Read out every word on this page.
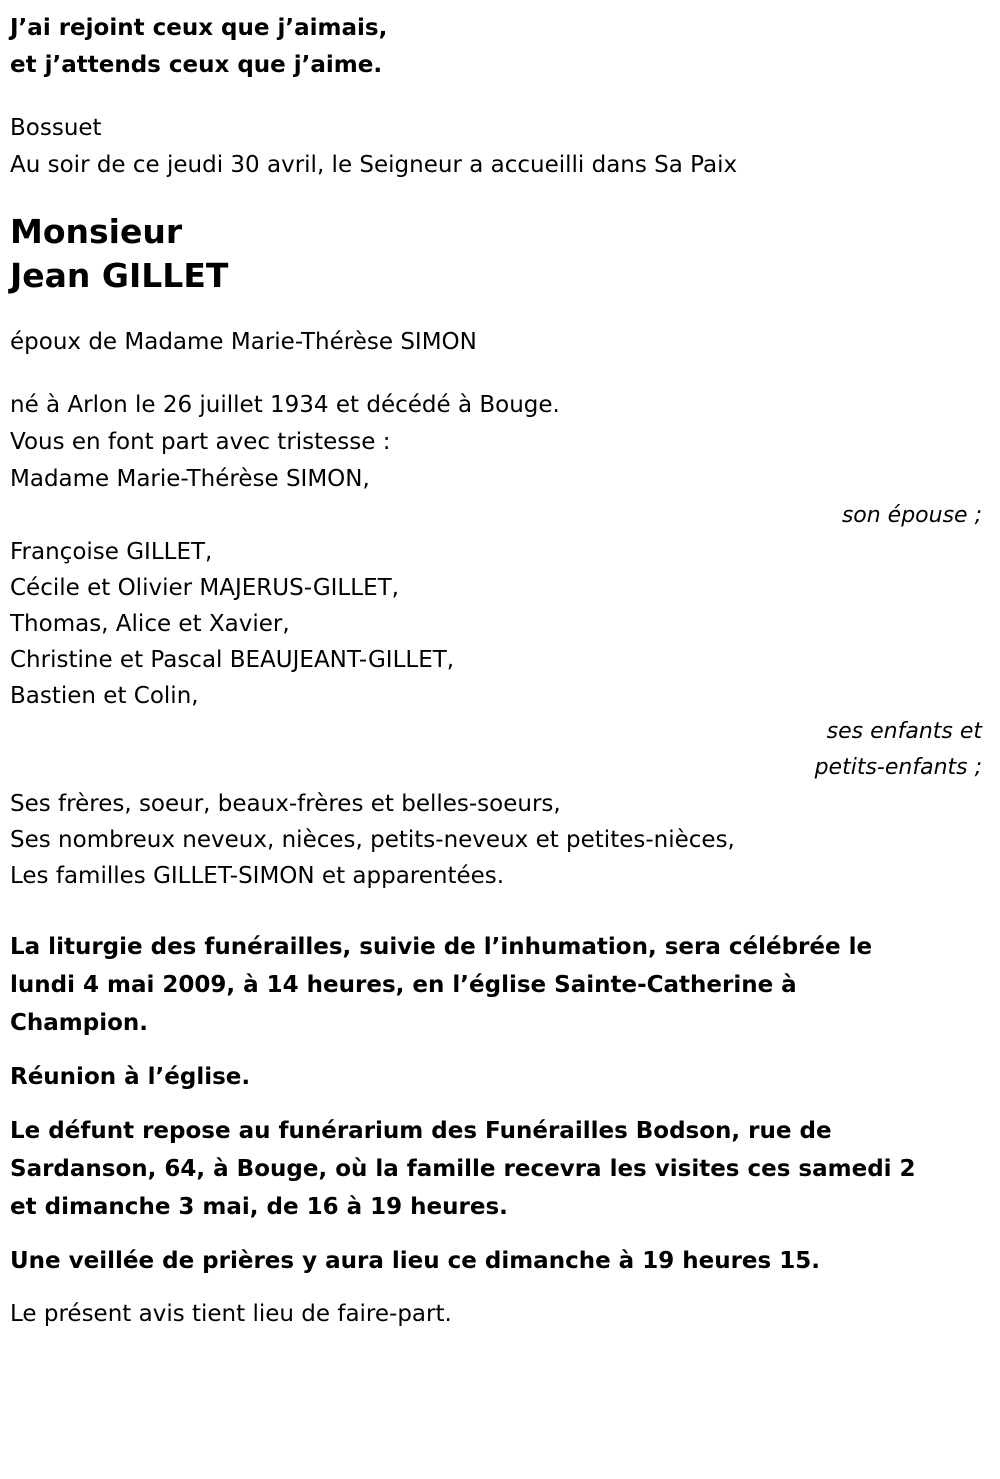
J’ai rejoint ceux que j’aimais,
et j’attends ceux que j’aime.
Bossuet
Au soir de ce jeudi 30 avril, le Seigneur a accueilli dans Sa Paix
Monsieur
Jean GILLET
époux de Madame Marie-Thérèse SIMON
né à Arlon le 26 juillet 1934 et décédé à Bouge.
Vous en font part avec tristesse :
Madame Marie-Thérèse SIMON,
son épouse ;
Françoise GILLET,
Cécile et Olivier MAJERUS-GILLET,
Thomas, Alice et Xavier,
Christine et Pascal BEAUJEANT-GILLET,
Bastien et Colin,
ses enfants et
petits-enfants ;
Ses frères, soeur, beaux-frères et belles-soeurs,
Ses nombreux neveux, nièces, petits-neveux et petites-nièces,
Les familles GILLET-SIMON et apparentées.
La liturgie des funérailles, suivie de l’inhumation, sera célébrée le
lundi 4 mai 2009, à 14 heures, en l’église Sainte-Catherine à
Champion.
Réunion à l’église.
Le défunt repose au funérarium des Funérailles Bodson, rue de
Sardanson, 64, à Bouge, où la famille recevra les visites ces samedi 2
et dimanche 3 mai, de 16 à 19 heures.
Une veillée de prières y aura lieu ce dimanche à 19 heures 15.
Le présent avis tient lieu de faire-part.
